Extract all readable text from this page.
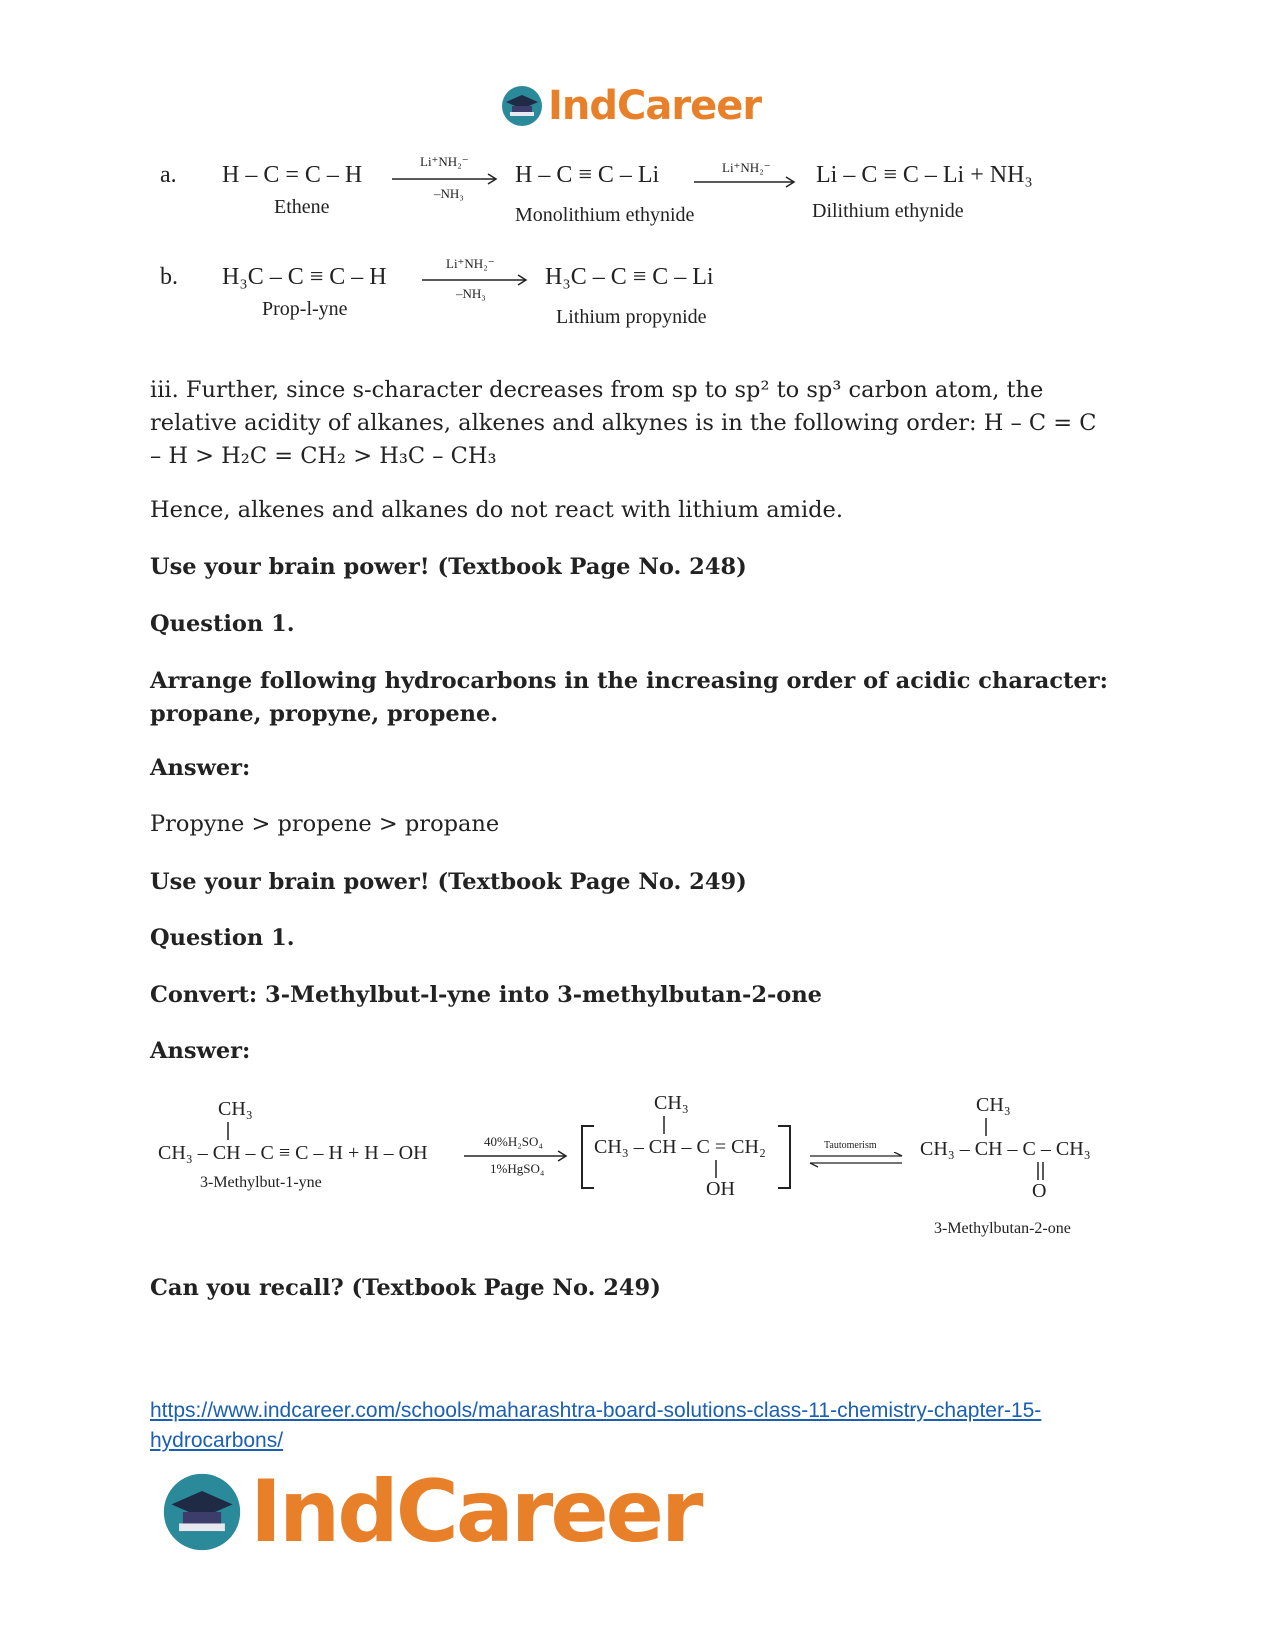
IndCareer
a. H – C = C – H
Ethene
Li⁺NH₂⁻
–NH₃
H – C ≡ C – Li
Monolithium ethynide
Li⁺NH₂⁻ Li – C ≡ C – Li + NH₃
Dilithium ethynide
b. H₃C – C ≡ C – H
Prop-l-yne
Li⁺NH₂⁻
–NH₃
H₃C – C ≡ C – Li
Lithium propynide

iii. Further, since s-character decreases from sp to sp² to sp³ carbon atom, the relative acidity of alkanes, alkenes and alkynes is in the following order: H – C = C – H > H₂C = CH₂ > H₃C – CH₃

Hence, alkenes and alkanes do not react with lithium amide.

Use your brain power! (Textbook Page No. 248)

Question 1.

Arrange following hydrocarbons in the increasing order of acidic character: propane, propyne, propene.

Answer:

Propyne > propene > propane

Use your brain power! (Textbook Page No. 249)

Question 1.

Convert: 3-Methylbut-l-yne into 3-methylbutan-2-one

Answer:

CH₃
CH₃ – CH – C ≡ C – H + H – OH
3-Methylbut-1-yne
40%H₂SO₄
1%HgSO₄
CH₃
CH₃ – CH – C = CH₂
OH
Tautomerism
CH₃
CH₃ – CH – C – CH₃
O
3-Methylbutan-2-one

Can you recall? (Textbook Page No. 249)

https://www.indcareer.com/schools/maharashtra-board-solutions-class-11-chemistry-chapter-15-hydrocarbons/
IndCareer
